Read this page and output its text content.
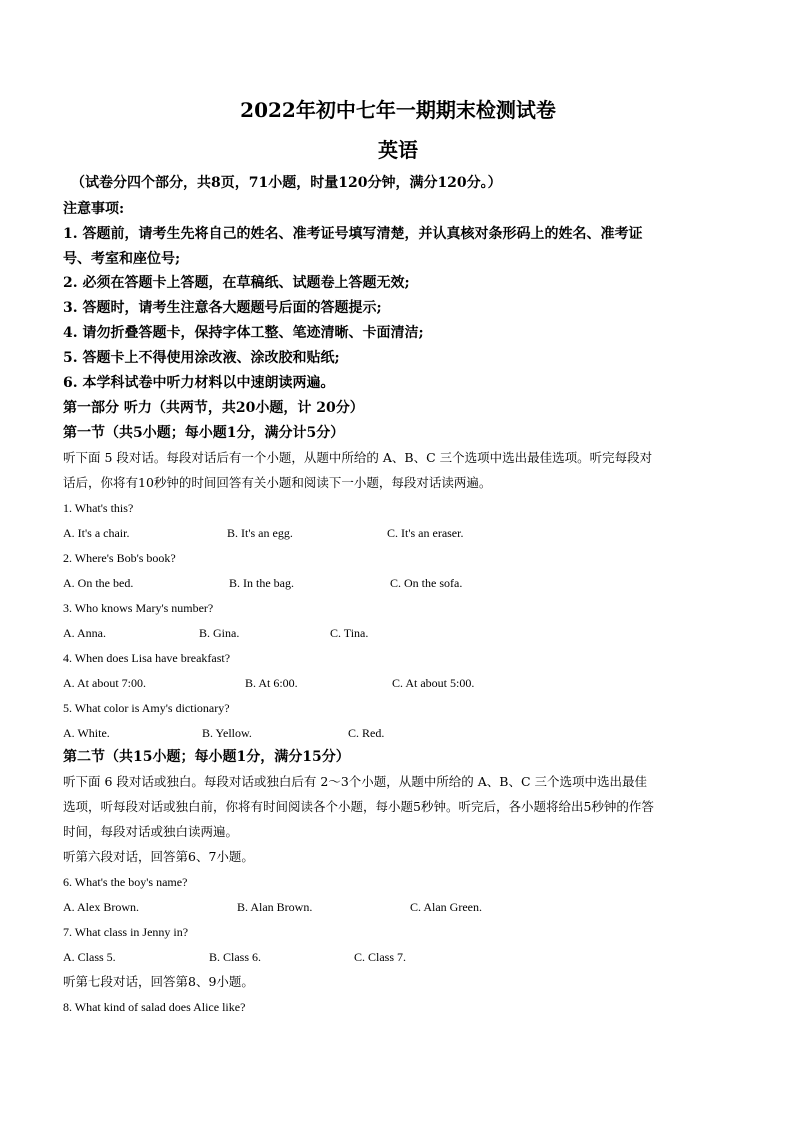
2022年初中七年一期期末检测试卷
英语
（试卷分四个部分，共8页，71小题，时量120分钟，满分120分。）
注意事项:
1. 答题前，请考生先将自己的姓名、准考证号填写清楚，并认真核对条形码上的姓名、准考证
号、考室和座位号;
2. 必须在答题卡上答题，在草稿纸、试题卷上答题无效;
3. 答题时，请考生注意各大题题号后面的答题提示;
4. 请勿折叠答题卡，保持字体工整、笔迹清晰、卡面清洁;
5. 答题卡上不得使用涂改液、涂改胶和贴纸;
6. 本学科试卷中听力材料以中速朗读两遍。
第一部分 听力（共两节，共20小题，计 20分）
第一节（共5小题；每小题1分，满分计5分）
听下面 5 段对话。每段对话后有一个小题，从题中所给的 A、B、C 三个选项中选出最佳选项。听完每段对
话后，你将有10秒钟的时间回答有关小题和阅读下一小题，每段对话读两遍。
1. What's this?
A. It's a chair.	B. It's an egg.	C. It's an eraser.
2. Where's Bob's book?
A. On the bed.	B. In the bag.	C. On the sofa.
3. Who knows Mary's number?
A. Anna.	B. Gina.	C. Tina.
4. When does Lisa have breakfast?
A. At about 7:00.	B. At 6:00.	C. At about 5:00.
5. What color is Amy's dictionary?
A. White.	B. Yellow.	C. Red.
第二节（共15小题；每小题1分，满分15分）
听下面 6 段对话或独白。每段对话或独白后有 2～3个小题，从题中所给的 A、B、C 三个选项中选出最佳
选项，听每段对话或独白前，你将有时间阅读各个小题，每小题5秒钟。听完后，各小题将给出5秒钟的作答
时间，每段对话或独白读两遍。
听第六段对话，回答第6、7小题。
6. What's the boy's name?
A. Alex Brown.	B. Alan Brown.	C. Alan Green.
7. What class in Jenny in?
A. Class 5.	B. Class 6.	C. Class 7.
听第七段对话，回答第8、9小题。
8. What kind of salad does Alice like?
